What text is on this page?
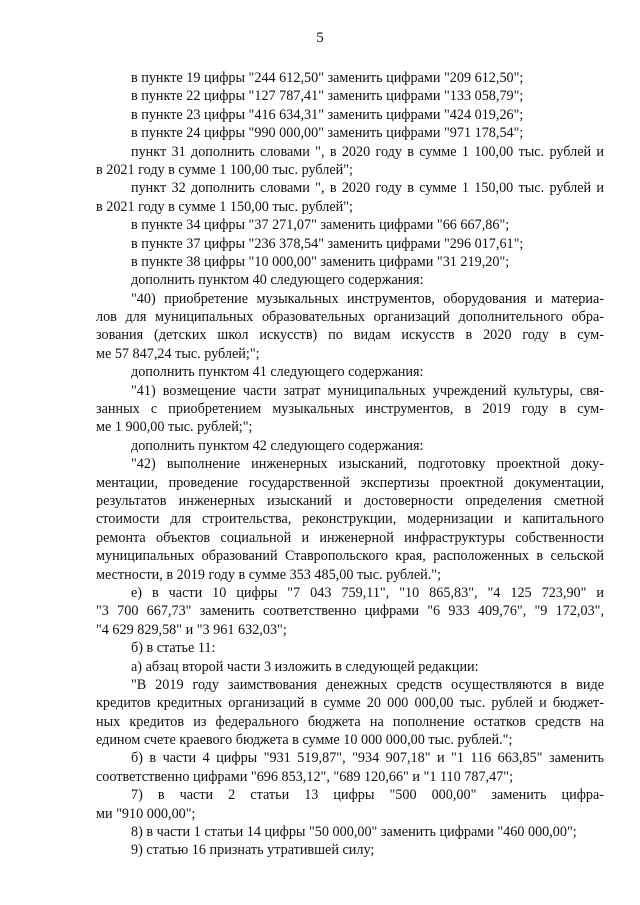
5
в пункте 19 цифры "244 612,50" заменить цифрами "209 612,50";
в пункте 22 цифры "127 787,41" заменить цифрами "133 058,79";
в пункте 23 цифры "416 634,31" заменить цифрами "424 019,26";
в пункте 24 цифры "990 000,00" заменить цифрами "971 178,54";
пункт 31 дополнить словами ", в 2020 году в сумме 1 100,00 тыс. рублей и
в 2021 году в сумме 1 100,00 тыс. рублей";
пункт 32 дополнить словами ", в 2020 году в сумме 1 150,00 тыс. рублей и
в 2021 году в сумме 1 150,00 тыс. рублей";
в пункте 34 цифры "37 271,07" заменить цифрами "66 667,86";
в пункте 37 цифры "236 378,54" заменить цифрами "296 017,61";
в пункте 38 цифры "10 000,00" заменить цифрами "31 219,20";
дополнить пунктом 40 следующего содержания:
"40) приобретение музыкальных инструментов, оборудования и материа-
лов для муниципальных образовательных организаций дополнительного обра-
зования (детских школ искусств) по видам искусств в 2020 году в сум-
ме 57 847,24 тыс. рублей;";
дополнить пунктом 41 следующего содержания:
"41) возмещение части затрат муниципальных учреждений культуры, свя-
занных с приобретением музыкальных инструментов, в 2019 году в сум-
ме 1 900,00 тыс. рублей;";
дополнить пунктом 42 следующего содержания:
"42) выполнение инженерных изысканий, подготовку проектной доку-
ментации, проведение государственной экспертизы проектной документации,
результатов инженерных изысканий и достоверности определения сметной
стоимости для строительства, реконструкции, модернизации и капитального
ремонта объектов социальной и инженерной инфраструктуры собственности
муниципальных образований Ставропольского края, расположенных в сельской
местности, в 2019 году в сумме 353 485,00 тыс. рублей.";
е) в части 10 цифры "7 043 759,11", "10 865,83", "4 125 723,90" и
"3 700 667,73" заменить соответственно цифрами "6 933 409,76", "9 172,03",
"4 629 829,58" и "3 961 632,03";
б) в статье 11:
а) абзац второй части 3 изложить в следующей редакции:
"В 2019 году заимствования денежных средств осуществляются в виде
кредитов кредитных организаций в сумме 20 000 000,00 тыс. рублей и бюджет-
ных кредитов из федерального бюджета на пополнение остатков средств на
едином счете краевого бюджета в сумме 10 000 000,00 тыс. рублей.";
б) в части 4 цифры "931 519,87", "934 907,18" и "1 116 663,85" заменить
соответственно цифрами "696 853,12", "689 120,66" и "1 110 787,47";
7) в части 2 статьи 13 цифры "500 000,00" заменить цифра-
ми "910 000,00";
8) в части 1 статьи 14 цифры "50 000,00" заменить цифрами "460 000,00";
9) статью 16 признать утратившей силу;
